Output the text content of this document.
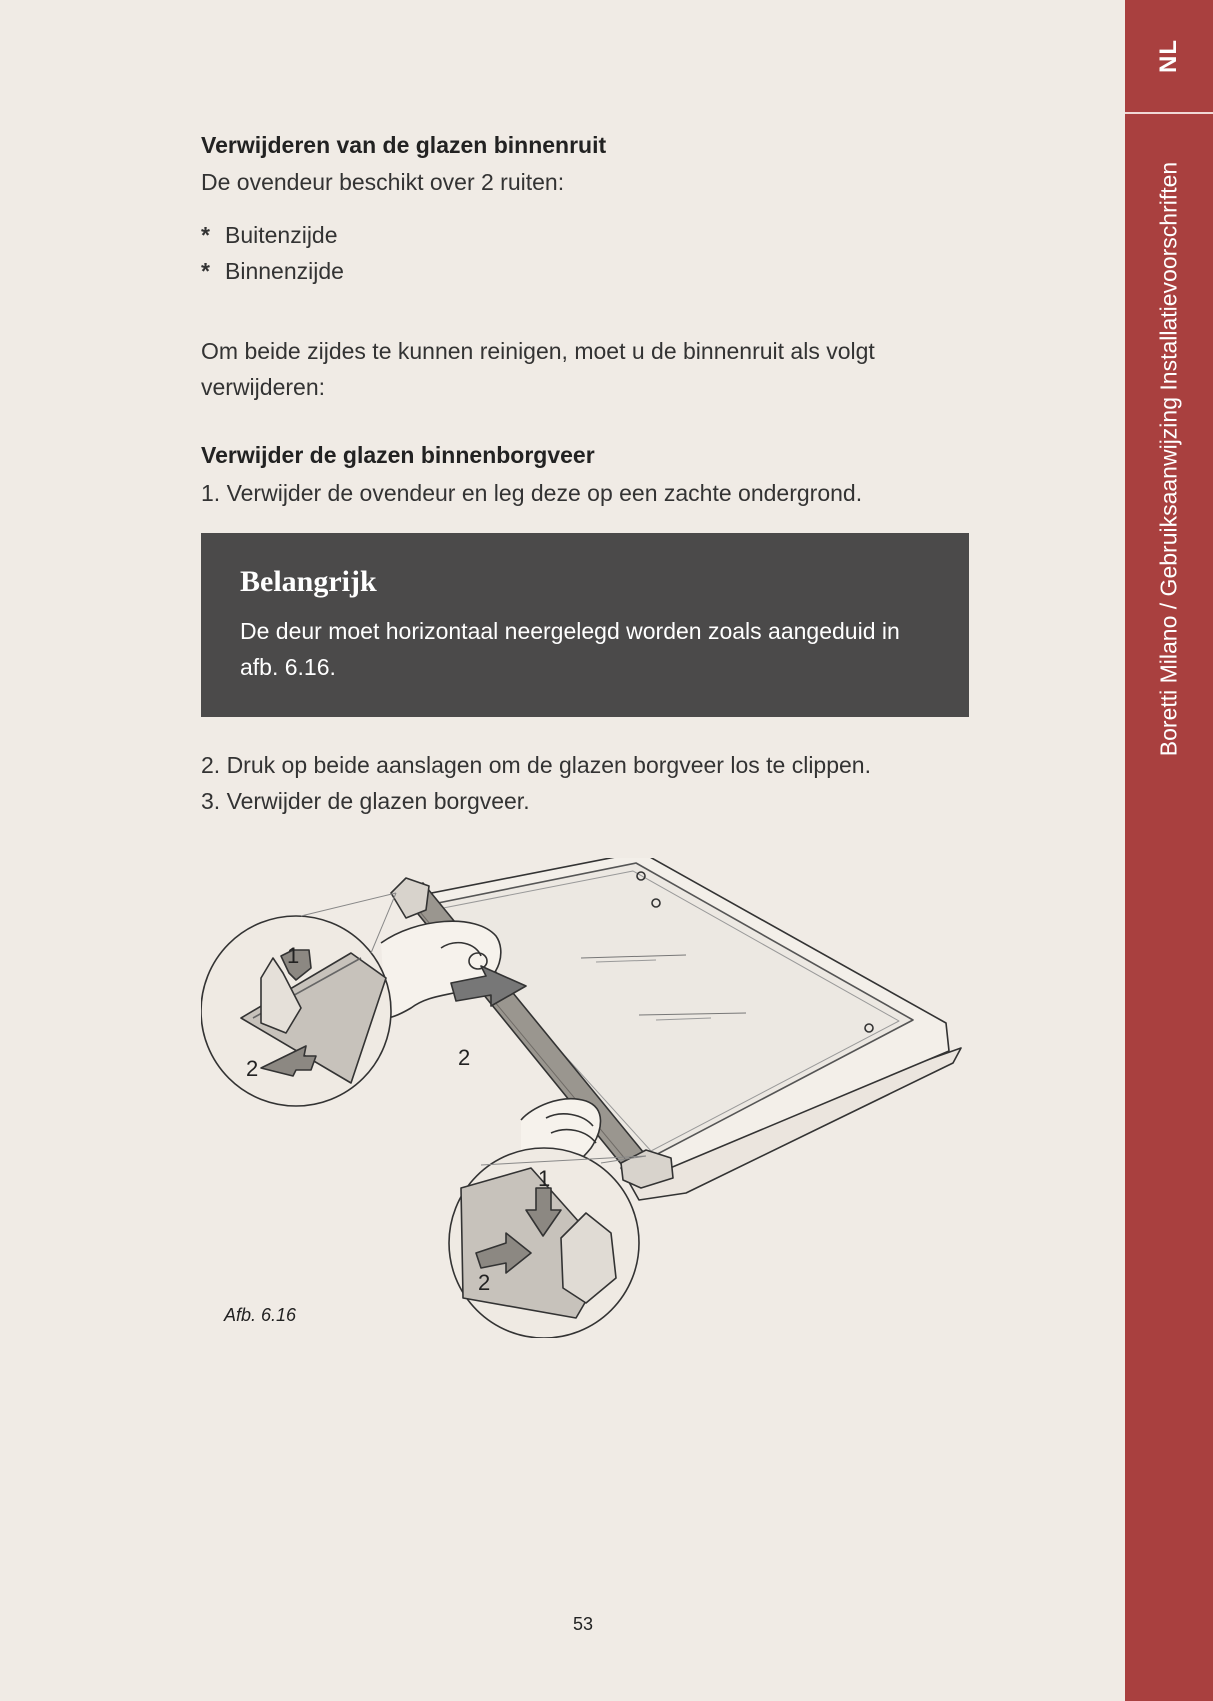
NL
Boretti Milano / Gebruiksaanwijzing Installatievoorschriften
Verwijderen van de glazen binnenruit
De ovendeur beschikt over 2 ruiten:
* Buitenzijde
* Binnenzijde
Om beide zijdes te kunnen reinigen, moet u de binnenruit als volgt verwijderen:
Verwijder de glazen binnenborgveer
1. Verwijder de ovendeur en leg deze op een zachte ondergrond.
Belangrijk
De deur moet horizontaal neergelegd worden zoals aangeduid in afb. 6.16.
2. Druk op beide aanslagen om de glazen borgveer los te clippen.
3. Verwijder de glazen borgveer.
1
2	2
1
2
Afb. 6.16
53
